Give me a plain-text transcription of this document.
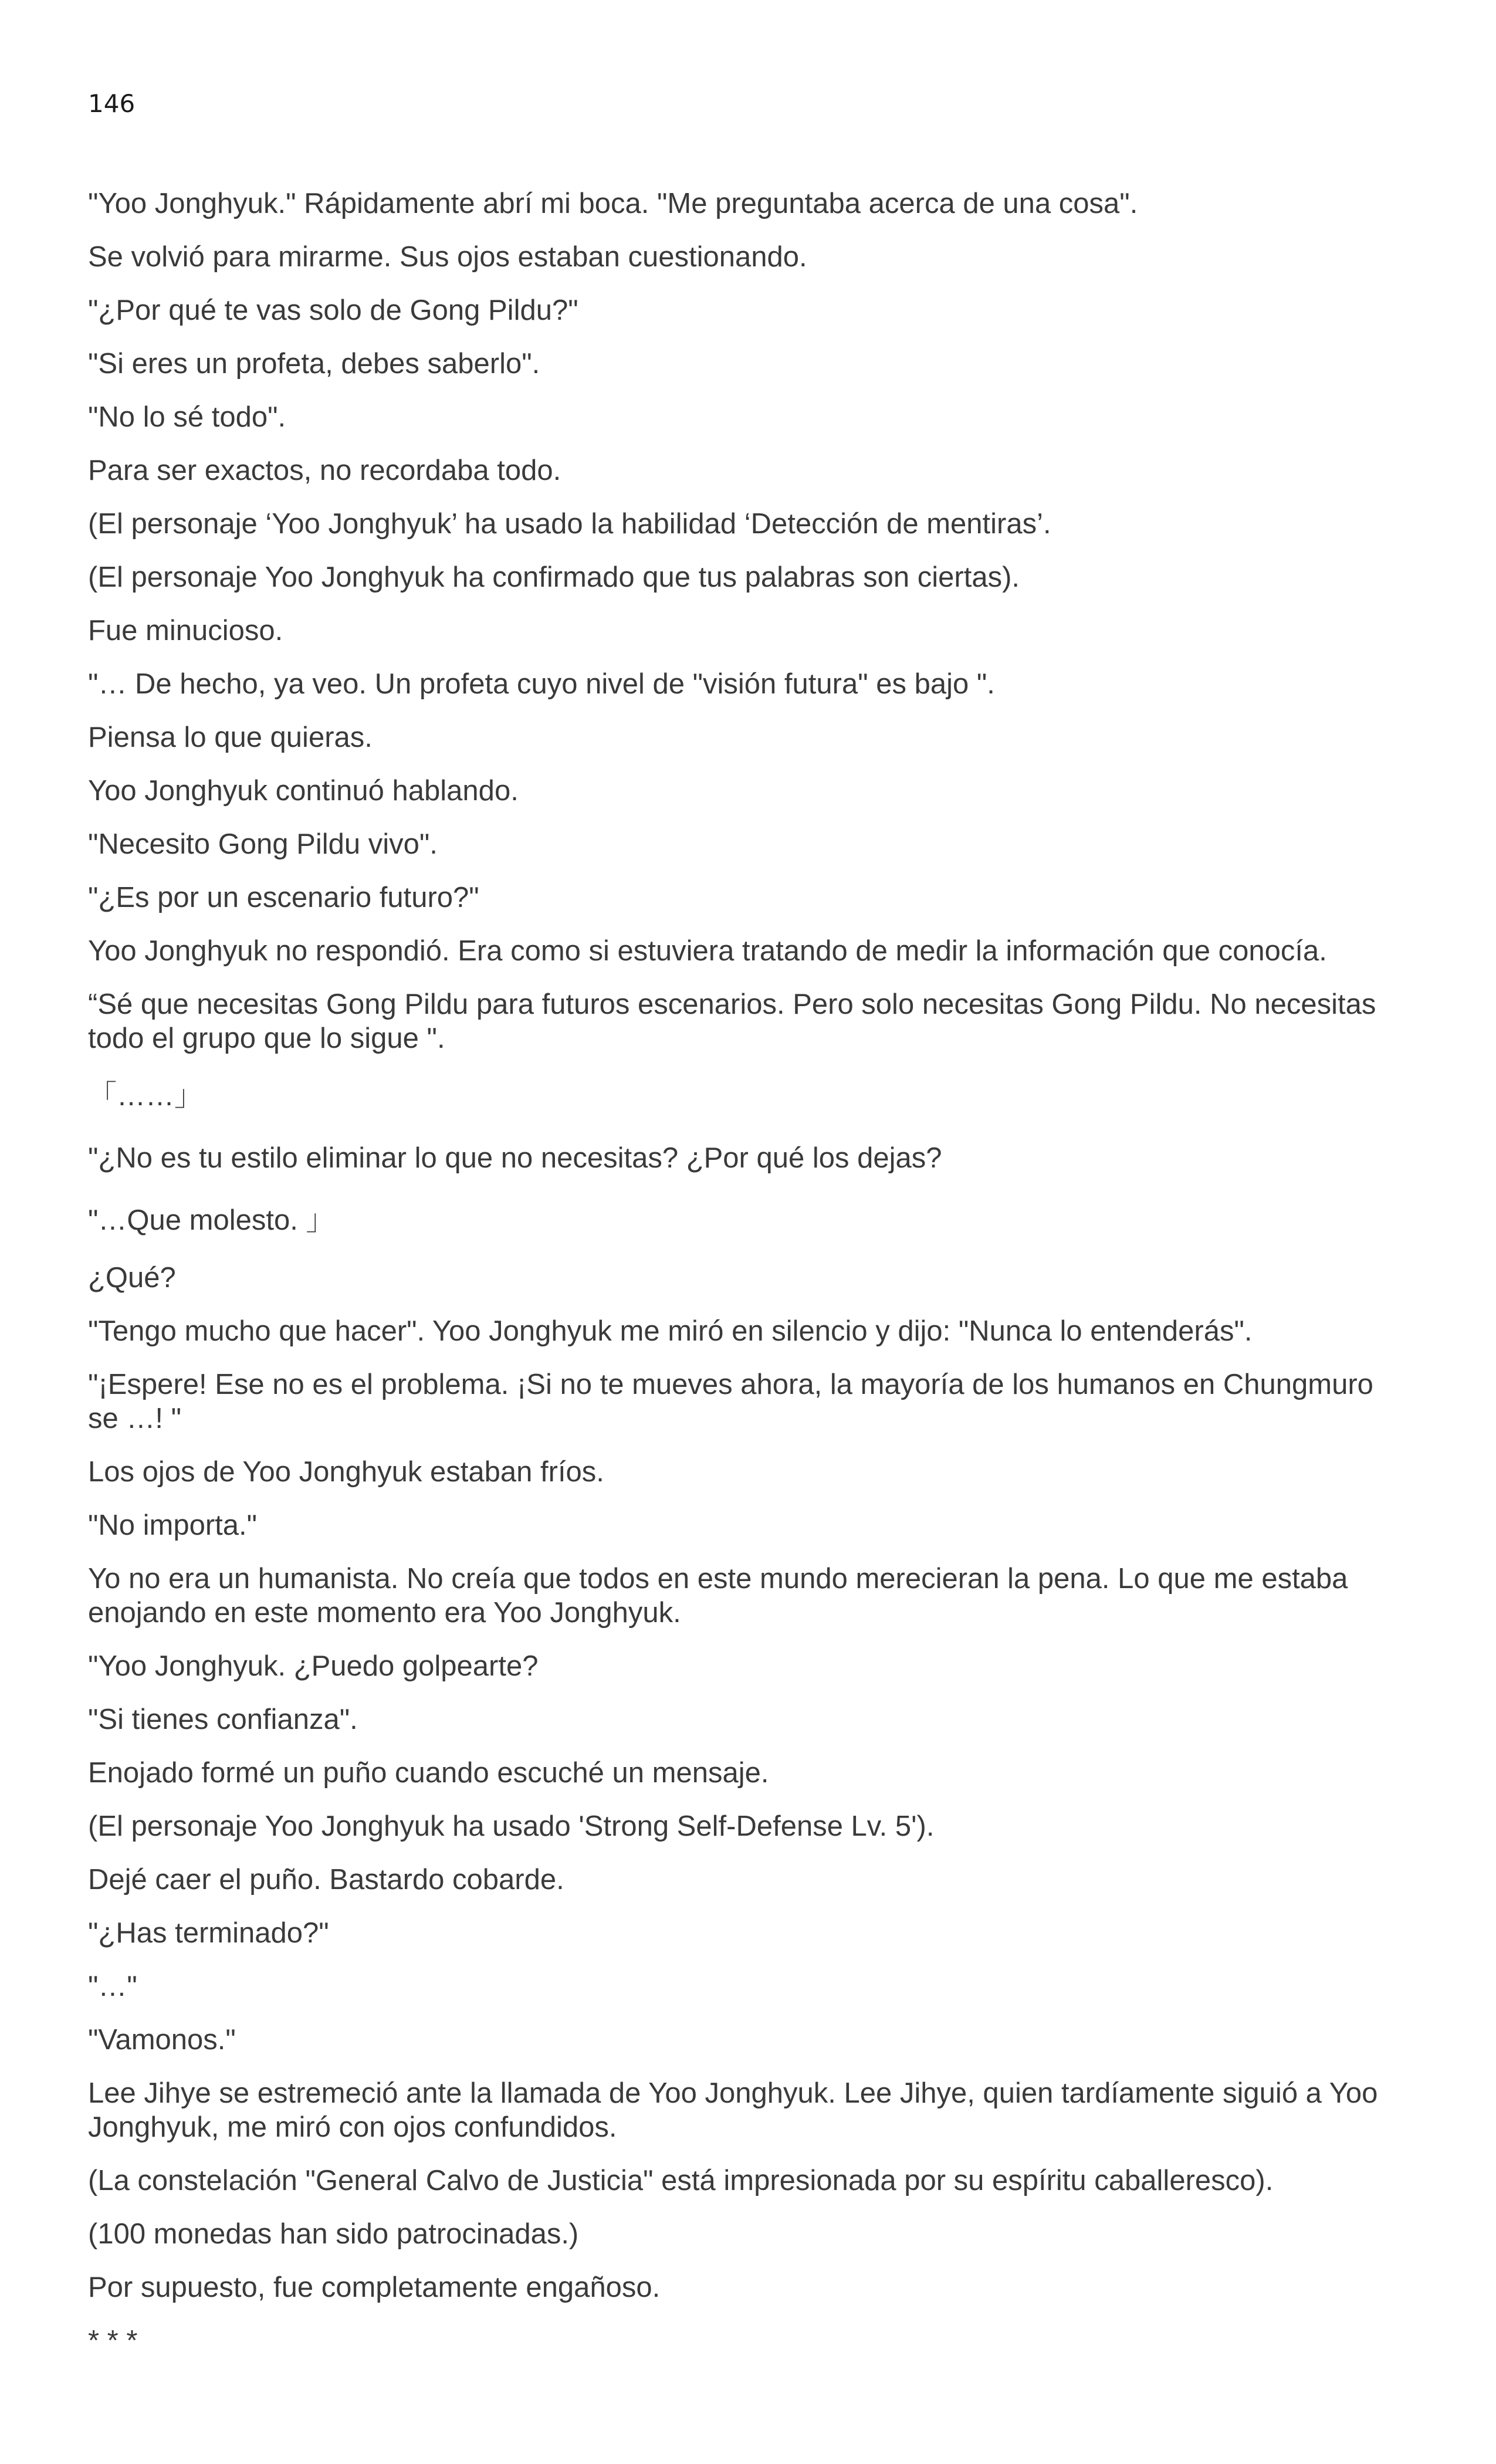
146

"Yoo Jonghyuk." Rápidamente abrí mi boca. "Me preguntaba acerca de una cosa".

Se volvió para mirarme. Sus ojos estaban cuestionando.

"¿Por qué te vas solo de Gong Pildu?"

"Si eres un profeta, debes saberlo".

"No lo sé todo".

Para ser exactos, no recordaba todo.

(El personaje ‘Yoo Jonghyuk’ ha usado la habilidad ‘Detección de mentiras’.

(El personaje Yoo Jonghyuk ha confirmado que tus palabras son ciertas).

Fue minucioso.

"… De hecho, ya veo. Un profeta cuyo nivel de "visión futura" es bajo ".

Piensa lo que quieras.

Yoo Jonghyuk continuó hablando.

"Necesito Gong Pildu vivo".

"¿Es por un escenario futuro?"

Yoo Jonghyuk no respondió. Era como si estuviera tratando de medir la información que conocía.

“Sé que necesitas Gong Pildu para futuros escenarios. Pero solo necesitas Gong Pildu. No necesitas todo el grupo que lo sigue ".

「……」

"¿No es tu estilo eliminar lo que no necesitas? ¿Por qué los dejas?

"…Que molesto. 」

¿Qué?

"Tengo mucho que hacer". Yoo Jonghyuk me miró en silencio y dijo: "Nunca lo entenderás".

"¡Espere! Ese no es el problema. ¡Si no te mueves ahora, la mayoría de los humanos en Chungmuro se …! "

Los ojos de Yoo Jonghyuk estaban fríos.

"No importa."

Yo no era un humanista. No creía que todos en este mundo merecieran la pena. Lo que me estaba enojando en este momento era Yoo Jonghyuk.

"Yoo Jonghyuk. ¿Puedo golpearte?

"Si tienes confianza".

Enojado formé un puño cuando escuché un mensaje.

(El personaje Yoo Jonghyuk ha usado 'Strong Self-Defense Lv. 5').

Dejé caer el puño. Bastardo cobarde.

"¿Has terminado?"

"…"

"Vamonos."

Lee Jihye se estremeció ante la llamada de Yoo Jonghyuk. Lee Jihye, quien tardíamente siguió a Yoo Jonghyuk, me miró con ojos confundidos.

(La constelación "General Calvo de Justicia" está impresionada por su espíritu caballeresco).

(100 monedas han sido patrocinadas.)

Por supuesto, fue completamente engañoso.

* * *
